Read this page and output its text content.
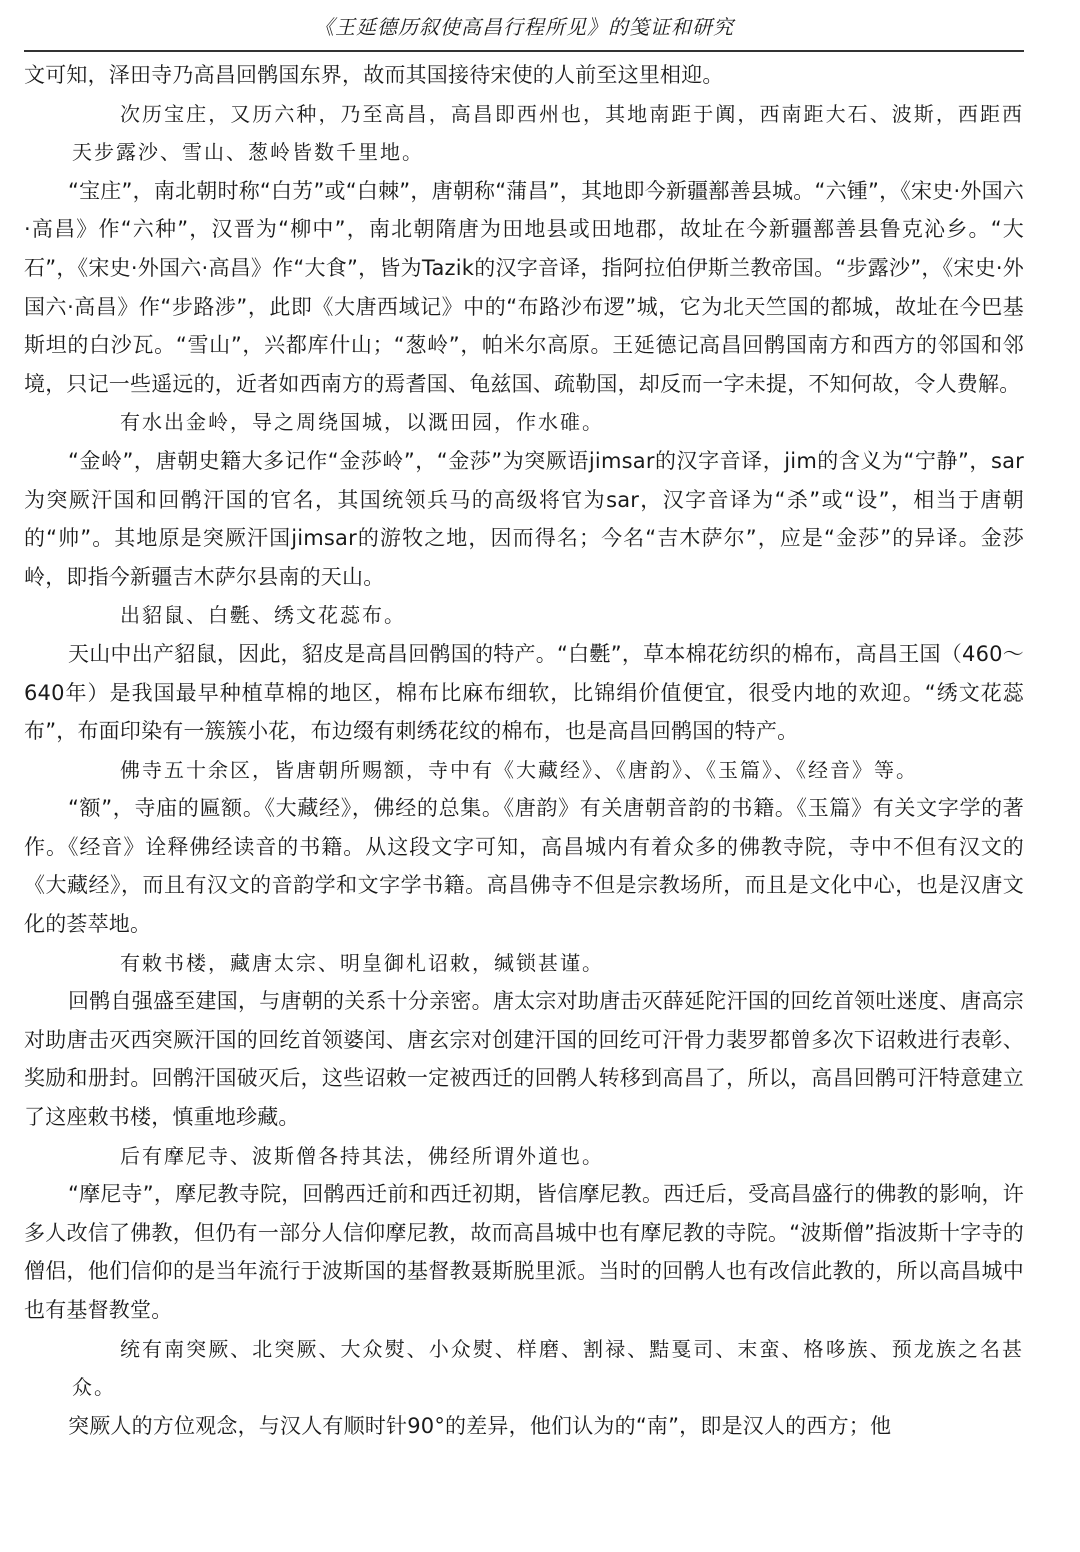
《王延德历叙使高昌行程所见》的笺证和研究

文可知，泽田寺乃高昌回鹘国东界，故而其国接待宋使的人前至这里相迎。

次历宝庄，又历六种，乃至高昌，高昌即西州也，其地南距于阗，西南距大石、波斯，西距西天步露沙、雪山、葱岭皆数千里地。

“宝庄”，南北朝时称“白艻”或“白棘”，唐朝称“蒲昌”，其地即今新疆鄯善县城。“六锺”，《宋史·外国六·高昌》作“六种”，汉晋为“柳中”，南北朝隋唐为田地县或田地郡，故址在今新疆鄯善县鲁克沁乡。“大石”，《宋史·外国六·高昌》作“大食”，皆为Tazik的汉字音译，指阿拉伯伊斯兰教帝国。“步露沙”，《宋史·外国六·高昌》作“步路涉”，此即《大唐西域记》中的“布路沙布逻”城，它为北天竺国的都城，故址在今巴基斯坦的白沙瓦。“雪山”，兴都库什山；“葱岭”，帕米尔高原。王延德记高昌回鹘国南方和西方的邻国和邻境，只记一些遥远的，近者如西南方的焉耆国、龟兹国、疏勒国，却反而一字未提，不知何故，令人费解。

有水出金岭，导之周绕国城，以溉田园，作水碓。

“金岭”，唐朝史籍大多记作“金莎岭”，“金莎”为突厥语jimsar的汉字音译，jim的含义为“宁静”，sar为突厥汗国和回鹘汗国的官名，其国统领兵马的高级将官为sar，汉字音译为“杀”或“设”，相当于唐朝的“帅”。其地原是突厥汗国jimsar的游牧之地，因而得名；今名“吉木萨尔”，应是“金莎”的异译。金莎岭，即指今新疆吉木萨尔县南的天山。

出貂鼠、白氎、绣文花蕊布。

天山中出产貂鼠，因此，貂皮是高昌回鹘国的特产。“白氎”，草本棉花纺织的棉布，高昌王国（460～640年）是我国最早种植草棉的地区，棉布比麻布细软，比锦绢价值便宜，很受内地的欢迎。“绣文花蕊布”，布面印染有一簇簇小花，布边缀有刺绣花纹的棉布，也是高昌回鹘国的特产。

佛寺五十余区，皆唐朝所赐额，寺中有《大藏经》、《唐韵》、《玉篇》、《经音》等。

“额”，寺庙的匾额。《大藏经》，佛经的总集。《唐韵》有关唐朝音韵的书籍。《玉篇》有关文字学的著作。《经音》诠释佛经读音的书籍。从这段文字可知，高昌城内有着众多的佛教寺院，寺中不但有汉文的《大藏经》，而且有汉文的音韵学和文字学书籍。高昌佛寺不但是宗教场所，而且是文化中心，也是汉唐文化的荟萃地。

有敕书楼，藏唐太宗、明皇御札诏敕，缄锁甚谨。

回鹘自强盛至建国，与唐朝的关系十分亲密。唐太宗对助唐击灭薛延陀汗国的回纥首领吐迷度、唐高宗对助唐击灭西突厥汗国的回纥首领婆闰、唐玄宗对创建汗国的回纥可汗骨力裴罗都曾多次下诏敕进行表彰、奖励和册封。回鹘汗国破灭后，这些诏敕一定被西迁的回鹘人转移到高昌了，所以，高昌回鹘可汗特意建立了这座敕书楼，慎重地珍藏。

后有摩尼寺、波斯僧各持其法，佛经所谓外道也。

“摩尼寺”，摩尼教寺院，回鹘西迁前和西迁初期，皆信摩尼教。西迁后，受高昌盛行的佛教的影响，许多人改信了佛教，但仍有一部分人信仰摩尼教，故而高昌城中也有摩尼教的寺院。“波斯僧”指波斯十字寺的僧侣，他们信仰的是当年流行于波斯国的基督教聂斯脱里派。当时的回鹘人也有改信此教的，所以高昌城中也有基督教堂。

统有南突厥、北突厥、大众熨、小众熨、样磨、割禄、黠戛司、末蛮、格哆族、预龙族之名甚众。

突厥人的方位观念，与汉人有顺时针90°的差异，他们认为的“南”，即是汉人的西方；他
